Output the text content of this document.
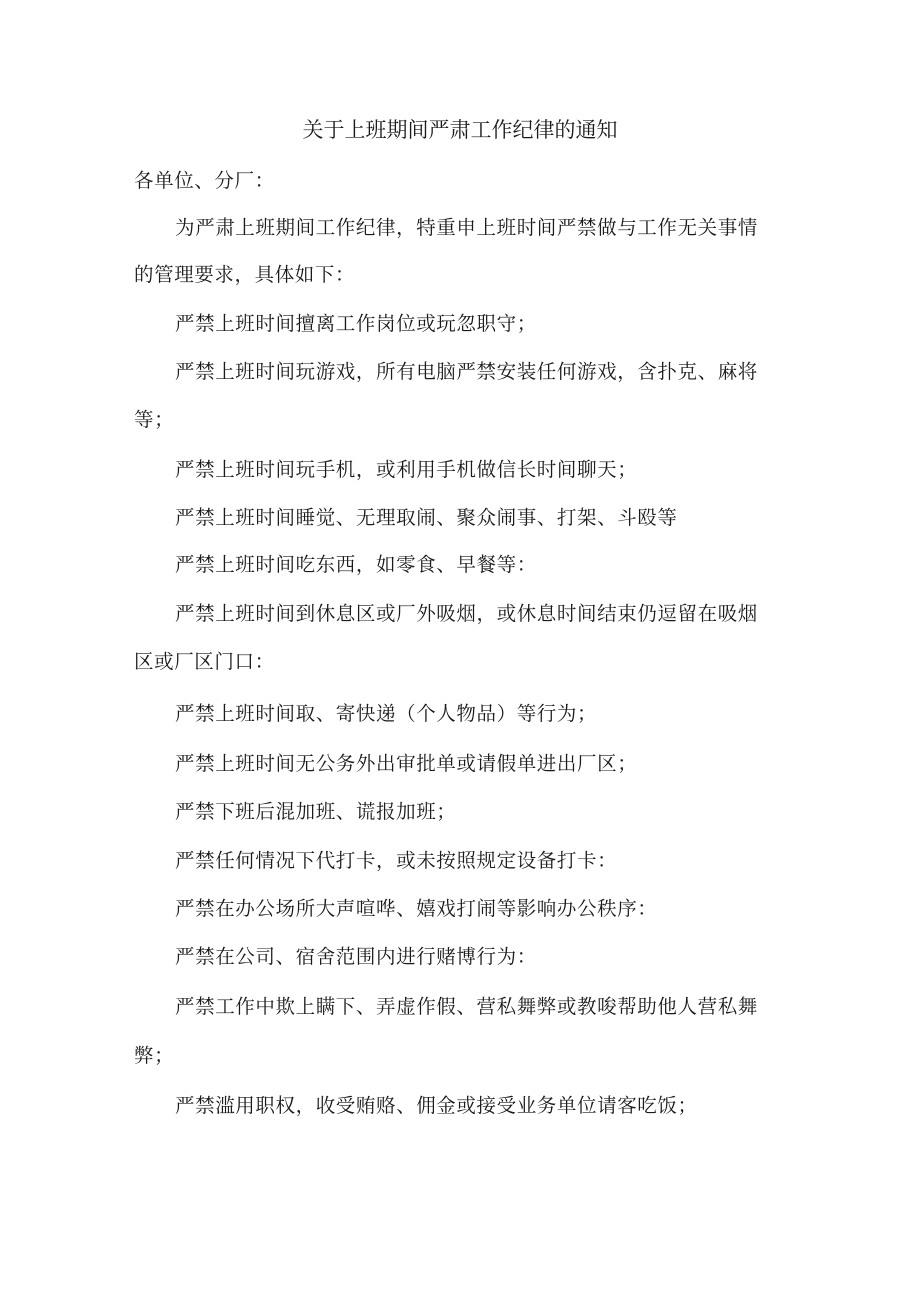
关于上班期间严肃工作纪律的通知
各单位、分厂：
为严肃上班期间工作纪律，特重申上班时间严禁做与工作无关事情
的管理要求，具体如下：
严禁上班时间擅离工作岗位或玩忽职守；
严禁上班时间玩游戏，所有电脑严禁安装任何游戏，含扑克、麻将
等；
严禁上班时间玩手机，或利用手机做信长时间聊天；
严禁上班时间睡觉、无理取闹、聚众闹事、打架、斗殴等
严禁上班时间吃东西，如零食、早餐等：
严禁上班时间到休息区或厂外吸烟，或休息时间结束仍逗留在吸烟
区或厂区门口：
严禁上班时间取、寄快递（个人物品）等行为；
严禁上班时间无公务外出审批单或请假单进出厂区；
严禁下班后混加班、谎报加班；
严禁任何情况下代打卡，或未按照规定设备打卡：
严禁在办公场所大声喧哗、嬉戏打闹等影响办公秩序：
严禁在公司、宿舍范围内进行赌博行为：
严禁工作中欺上瞒下、弄虚作假、营私舞弊或教唆帮助他人营私舞
弊；
严禁滥用职权，收受贿赂、佣金或接受业务单位请客吃饭；
